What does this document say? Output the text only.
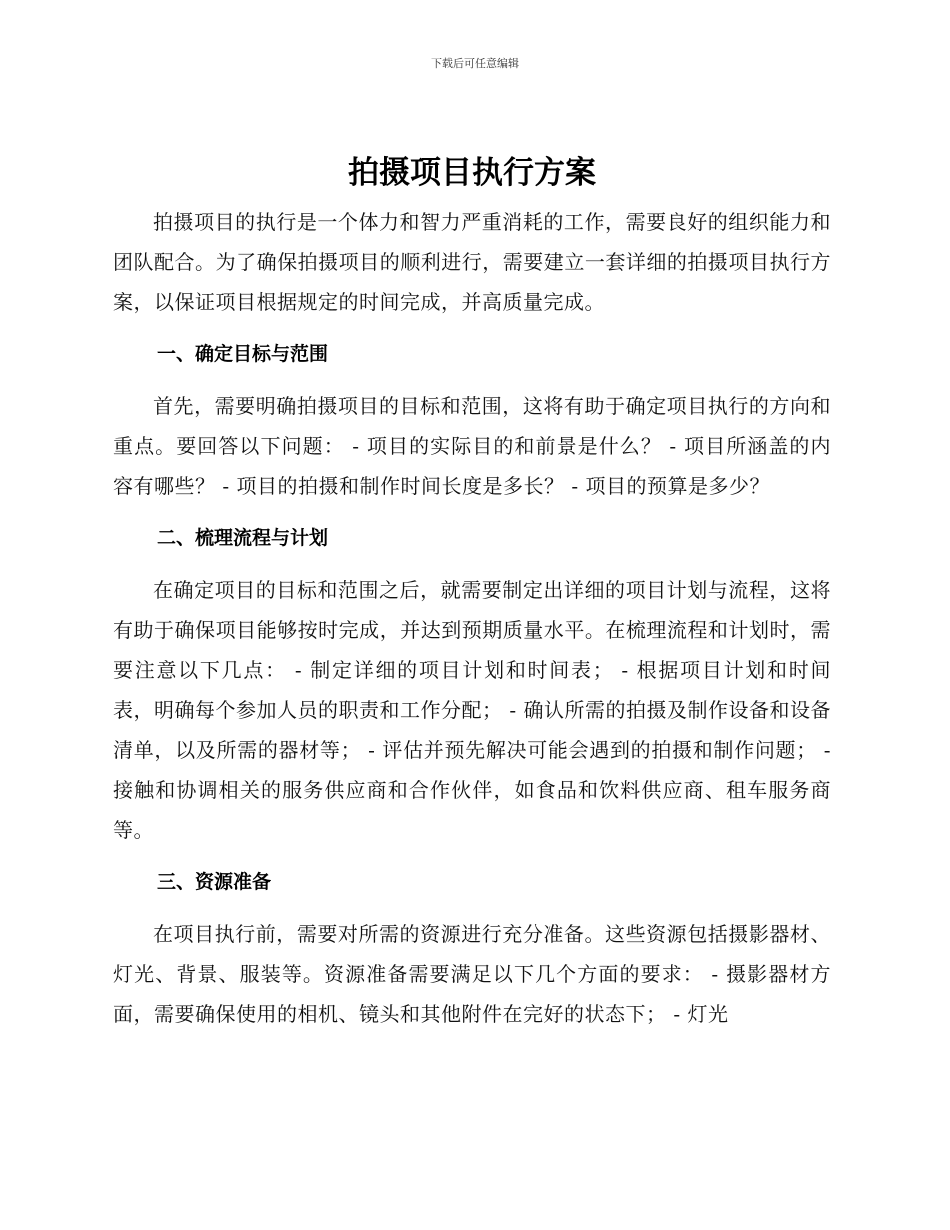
下载后可任意编辑
拍摄项目执行方案

拍摄项目的执行是一个体力和智力严重消耗的工作，需要良好的组织能力和团队配合。为了确保拍摄项目的顺利进行，需要建立一套详细的拍摄项目执行方案，以保证项目根据规定的时间完成，并高质量完成。

一、确定目标与范围

首先，需要明确拍摄项目的目标和范围，这将有助于确定项目执行的方向和重点。要回答以下问题： - 项目的实际目的和前景是什么？ - 项目所涵盖的内容有哪些？ - 项目的拍摄和制作时间长度是多长？ - 项目的预算是多少？

二、梳理流程与计划

在确定项目的目标和范围之后，就需要制定出详细的项目计划与流程，这将有助于确保项目能够按时完成，并达到预期质量水平。在梳理流程和计划时，需要注意以下几点： - 制定详细的项目计划和时间表； - 根据项目计划和时间表，明确每个参加人员的职责和工作分配； - 确认所需的拍摄及制作设备和设备清单，以及所需的器材等； - 评估并预先解决可能会遇到的拍摄和制作问题； - 接触和协调相关的服务供应商和合作伙伴，如食品和饮料供应商、租车服务商等。

三、资源准备

在项目执行前，需要对所需的资源进行充分准备。这些资源包括摄影器材、灯光、背景、服装等。资源准备需要满足以下几个方面的要求： - 摄影器材方面，需要确保使用的相机、镜头和其他附件在完好的状态下； - 灯光
